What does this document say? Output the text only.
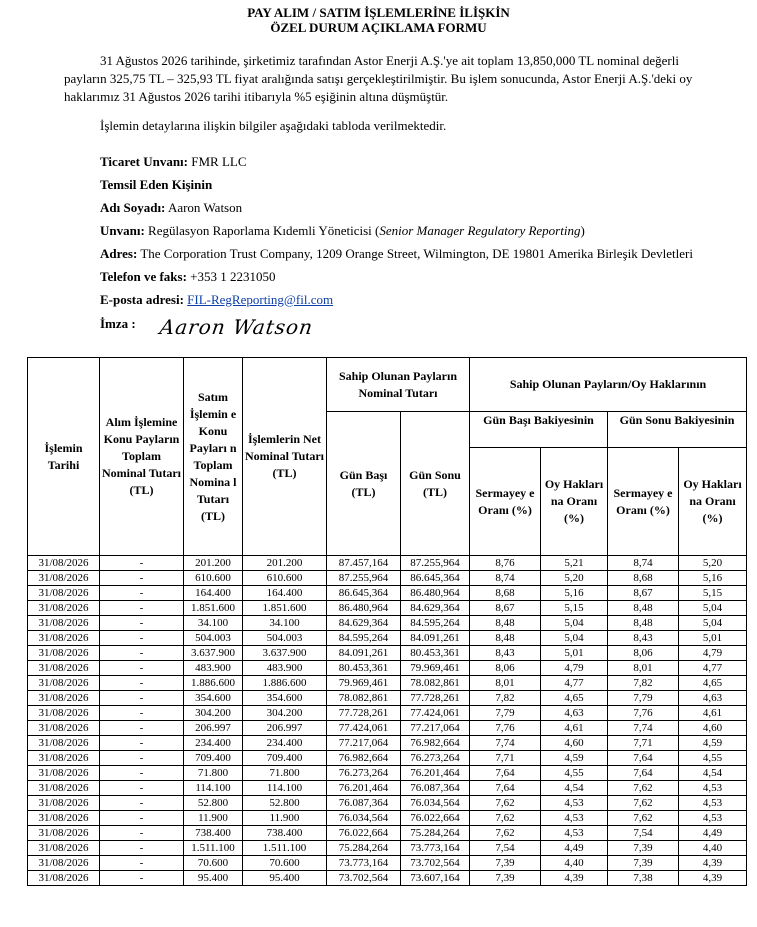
PAY ALIM / SATIM İŞLEMLERİNE İLİŞKİN
ÖZEL DURUM AÇIKLAMA FORMU

31 Ağustos 2026 tarihinde, şirketimiz tarafından Astor Enerji A.Ş.'ye ait toplam 13,850,000 TL nominal değerli payların 325,75 TL – 325,93 TL fiyat aralığında satışı gerçekleştirilmiştir. Bu işlem sonucunda, Astor Enerji A.Ş.'deki oy haklarımız 31 Ağustos 2026 tarihi itibarıyla %5 eşiğinin altına düşmüştür.

İşlemin detaylarına ilişkin bilgiler aşağıdaki tabloda verilmektedir.
Ticaret Unvanı: FMR LLC
Temsil Eden Kişinin
Adı Soyadı: Aaron Watson
Unvanı: Regülasyon Raporlama Kıdemli Yöneticisi (Senior Manager Regulatory Reporting)
Adres: The Corporation Trust Company, 1209 Orange Street, Wilmington, DE 19801 Amerika Birleşik Devletleri
Telefon ve faks: +353 1 2231050
E-posta adresi: FIL-RegReporting@fil.com
İmza : Aaron Watson
İşlemin Tarihi	Alım İşlemine Konu Payların Toplam Nominal Tutarı (TL)	Satım İşlemin e Konu Payları n Toplam Nomina l Tutarı (TL)	İşlemlerin Net Nominal Tutarı (TL)	Sahip Olunan Payların Nominal Tutarı		Sahip Olunan Payların/Oy Haklarının			
				Gün Başı (TL)	Gün Sonu (TL)	Gün Başı Bakiyesinin		Gün Sonu Bakiyesinin	
						Sermayey e Oranı (%)	Oy Hakları na Oranı (%)	Sermayey e Oranı (%)	Oy Hakları na Oranı (%)
31/08/2026	-	201.200	201.200	87.457,164	87.255,964	8,76	5,21	8,74	5,20
31/08/2026	-	610.600	610.600	87.255,964	86.645,364	8,74	5,20	8,68	5,16
31/08/2026	-	164.400	164.400	86.645,364	86.480,964	8,68	5,16	8,67	5,15
31/08/2026	-	1.851.600	1.851.600	86.480,964	84.629,364	8,67	5,15	8,48	5,04
31/08/2026	-	34.100	34.100	84.629,364	84.595,264	8,48	5,04	8,48	5,04
31/08/2026	-	504.003	504.003	84.595,264	84.091,261	8,48	5,04	8,43	5,01
31/08/2026	-	3.637.900	3.637.900	84.091,261	80.453,361	8,43	5,01	8,06	4,79
31/08/2026	-	483.900	483.900	80.453,361	79.969,461	8,06	4,79	8,01	4,77
31/08/2026	-	1.886.600	1.886.600	79.969,461	78.082,861	8,01	4,77	7,82	4,65
31/08/2026	-	354.600	354.600	78.082,861	77.728,261	7,82	4,65	7,79	4,63
31/08/2026	-	304.200	304.200	77.728,261	77.424,061	7,79	4,63	7,76	4,61
31/08/2026	-	206.997	206.997	77.424,061	77.217,064	7,76	4,61	7,74	4,60
31/08/2026	-	234.400	234.400	77.217,064	76.982,664	7,74	4,60	7,71	4,59
31/08/2026	-	709.400	709.400	76.982,664	76.273,264	7,71	4,59	7,64	4,55
31/08/2026	-	71.800	71.800	76.273,264	76.201,464	7,64	4,55	7,64	4,54
31/08/2026	-	114.100	114.100	76.201,464	76.087,364	7,64	4,54	7,62	4,53
31/08/2026	-	52.800	52.800	76.087,364	76.034,564	7,62	4,53	7,62	4,53
31/08/2026	-	11.900	11.900	76.034,564	76.022,664	7,62	4,53	7,62	4,53
31/08/2026	-	738.400	738.400	76.022,664	75.284,264	7,62	4,53	7,54	4,49
31/08/2026	-	1.511.100	1.511.100	75.284,264	73.773,164	7,54	4,49	7,39	4,40
31/08/2026	-	70.600	70.600	73.773,164	73.702,564	7,39	4,40	7,39	4,39
31/08/2026	-	95.400	95.400	73.702,564	73.607,164	7,39	4,39	7,38	4,39
